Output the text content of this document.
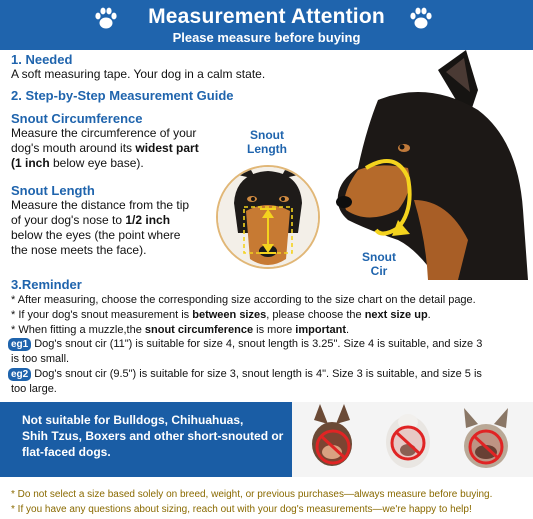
Measurement Attention
Please measure before buying
1. Needed
A soft measuring tape. Your dog in a calm state.
2. Step-by-Step Measurement Guide
Snout Circumference
Measure the circumference of your
dog's mouth around its widest part
(1 inch below eye base).
Snout Length
Measure the distance from the tip
of your dog's nose to 1/2 inch
below the eyes (the point where
the nose meets the face).
Snout
Length
Snout
Cir
3.Reminder
* After measuring, choose the corresponding size according to the size chart on the detail page.
* If your dog's snout measurement is between sizes, please choose the next size up.
* When fitting a muzzle,the snout circumference is more important.
eg1 Dog's snout cir (11") is suitable for size 4, snout length is 3.25". Size 4 is suitable, and size 3
is too small.
eg2 Dog's snout cir (9.5") is suitable for size 3, snout length is 4". Size 3 is suitable, and size 5 is
too large.
Not suitable for Bulldogs, Chihuahuas,
Shih Tzus, Boxers and other short-snouted or
flat-faced dogs.
* Do not select a size based solely on breed, weight, or previous purchases—always measure before buying.
* If you have any questions about sizing, reach out with your dog's measurements—we're happy to help!
